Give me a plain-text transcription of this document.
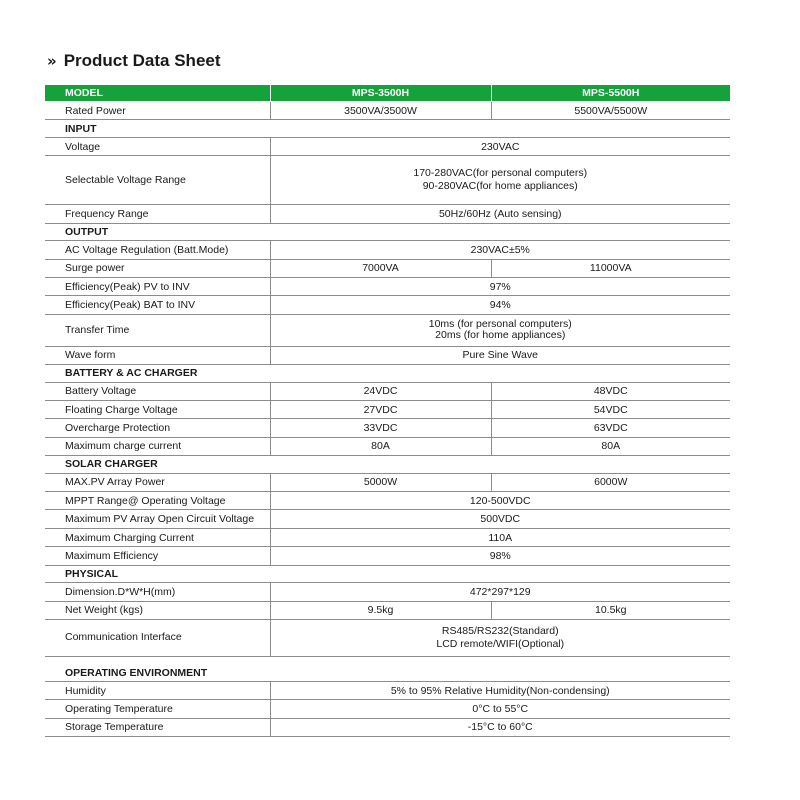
» Product Data Sheet
MODEL	MPS-3500H	MPS-5500H
Rated Power	3500VA/3500W	5500VA/5500W
INPUT		
Voltage	230VAC	
Selectable Voltage Range	170-280VAC(for personal computers)
90-280VAC(for home appliances)	

Frequency Range	50Hz/60Hz (Auto sensing)	
OUTPUT		
AC Voltage Regulation (Batt.Mode)	230VAC±5%	
Surge power	7000VA	11000VA
Efficiency(Peak) PV to INV	97%	
Efficiency(Peak) BAT to INV	94%	
Transfer Time	10ms (for personal computers)
20ms (for home appliances)	

Wave form	Pure Sine Wave	
BATTERY & AC CHARGER		
Battery Voltage	24VDC	48VDC
Floating Charge Voltage	27VDC	54VDC
Overcharge Protection	33VDC	63VDC
Maximum charge current	80A	80A
SOLAR CHARGER		
MAX.PV Array Power	5000W	6000W
MPPT Range@ Operating Voltage	120-500VDC	
Maximum PV Array Open Circuit Voltage	500VDC	
Maximum Charging Current	110A	
Maximum Efficiency	98%	
PHYSICAL		
Dimension.D*W*H(mm)	472*297*129	
Net Weight (kgs)	9.5kg	10.5kg
Communication Interface	RS485/RS232(Standard)
LCD remote/WIFI(Optional)	

OPERATING ENVIRONMENT		
Humidity	5% to 95% Relative Humidity(Non-condensing)	
Operating Temperature	0°C to 55°C	
Storage Temperature	-15°C to 60°C	
